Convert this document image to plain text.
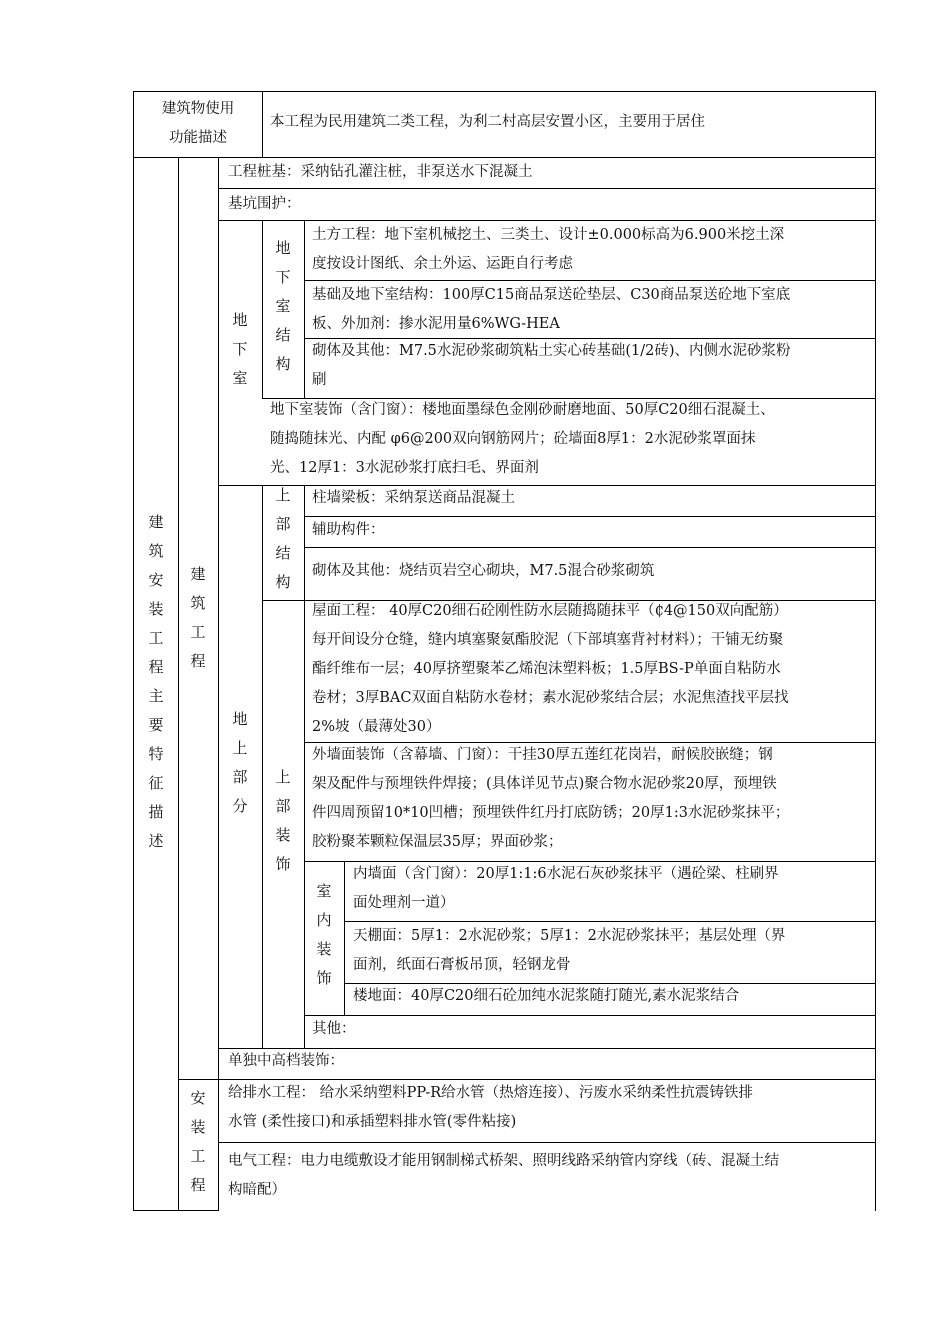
建筑物使用
功能描述
本工程为民用建筑二类工程，为利二村高层安置小区，主要用于居住
建筑安装工程主要特征描述
建筑工程
安装工程
地下室
地下室结构
地上部分
上部结构
上部装饰
室内装饰
工程桩基：采纳钻孔灌注桩，非泵送水下混凝土
基坑围护：
土方工程：地下室机械挖土、三类土、设计±0.000标高为6.900米挖土深
度按设计图纸、余土外运、运距自行考虑
基础及地下室结构：100厚C15商品泵送砼垫层、C30商品泵送砼地下室底
板、外加剂：掺水泥用量6%WG-HEA
砌体及其他：M7.5水泥砂浆砌筑粘土实心砖基础(1/2砖)、内侧水泥砂浆粉
刷
地下室装饰（含门窗）：楼地面墨绿色金刚砂耐磨地面、50厚C20细石混凝土、
随捣随抹光、内配 φ6@200双向钢筋网片；砼墙面8厚1：2水泥砂浆罩面抹
光、12厚1：3水泥砂浆打底扫毛、界面剂
柱墙梁板：采纳泵送商品混凝土
辅助构件：
砌体及其他：烧结页岩空心砌块，M7.5混合砂浆砌筑
屋面工程： 40厚C20细石砼刚性防水层随捣随抹平（₵4@150双向配筋）
每开间设分仓缝，缝内填塞聚氨酯胶泥（下部填塞背衬材料）；干铺无纺聚
酯纤维布一层；40厚挤塑聚苯乙烯泡沫塑料板；1.5厚BS-P单面自粘防水
卷材；3厚BAC双面自粘防水卷材；素水泥砂浆结合层；水泥焦渣找平层找
2%坡（最薄处30）
外墙面装饰（含幕墙、门窗）：干挂30厚五莲红花岗岩，耐候胶嵌缝；钢
架及配件与预埋铁件焊接；(具体详见节点)聚合物水泥砂浆20厚，预埋铁
件四周预留10*10凹槽；预埋铁件红丹打底防锈；20厚1:3水泥砂浆抹平；
胶粉聚苯颗粒保温层35厚；界面砂浆；
内墙面（含门窗）：20厚1:1:6水泥石灰砂浆抹平（遇砼梁、柱刷界
面处理剂一道）
天棚面：5厚1：2水泥砂浆；5厚1：2水泥砂浆抹平；基层处理（界
面剂，纸面石膏板吊顶，轻钢龙骨
楼地面：40厚C20细石砼加纯水泥浆随打随光,素水泥浆结合
其他：
单独中高档装饰：
给排水工程： 给水采纳塑料PP-R给水管（热熔连接）、污废水采纳柔性抗震铸铁排
水管 (柔性接口)和承插塑料排水管(零件粘接)
电气工程：电力电缆敷设才能用钢制梯式桥架、照明线路采纳管内穿线（砖、混凝土结
构暗配）
